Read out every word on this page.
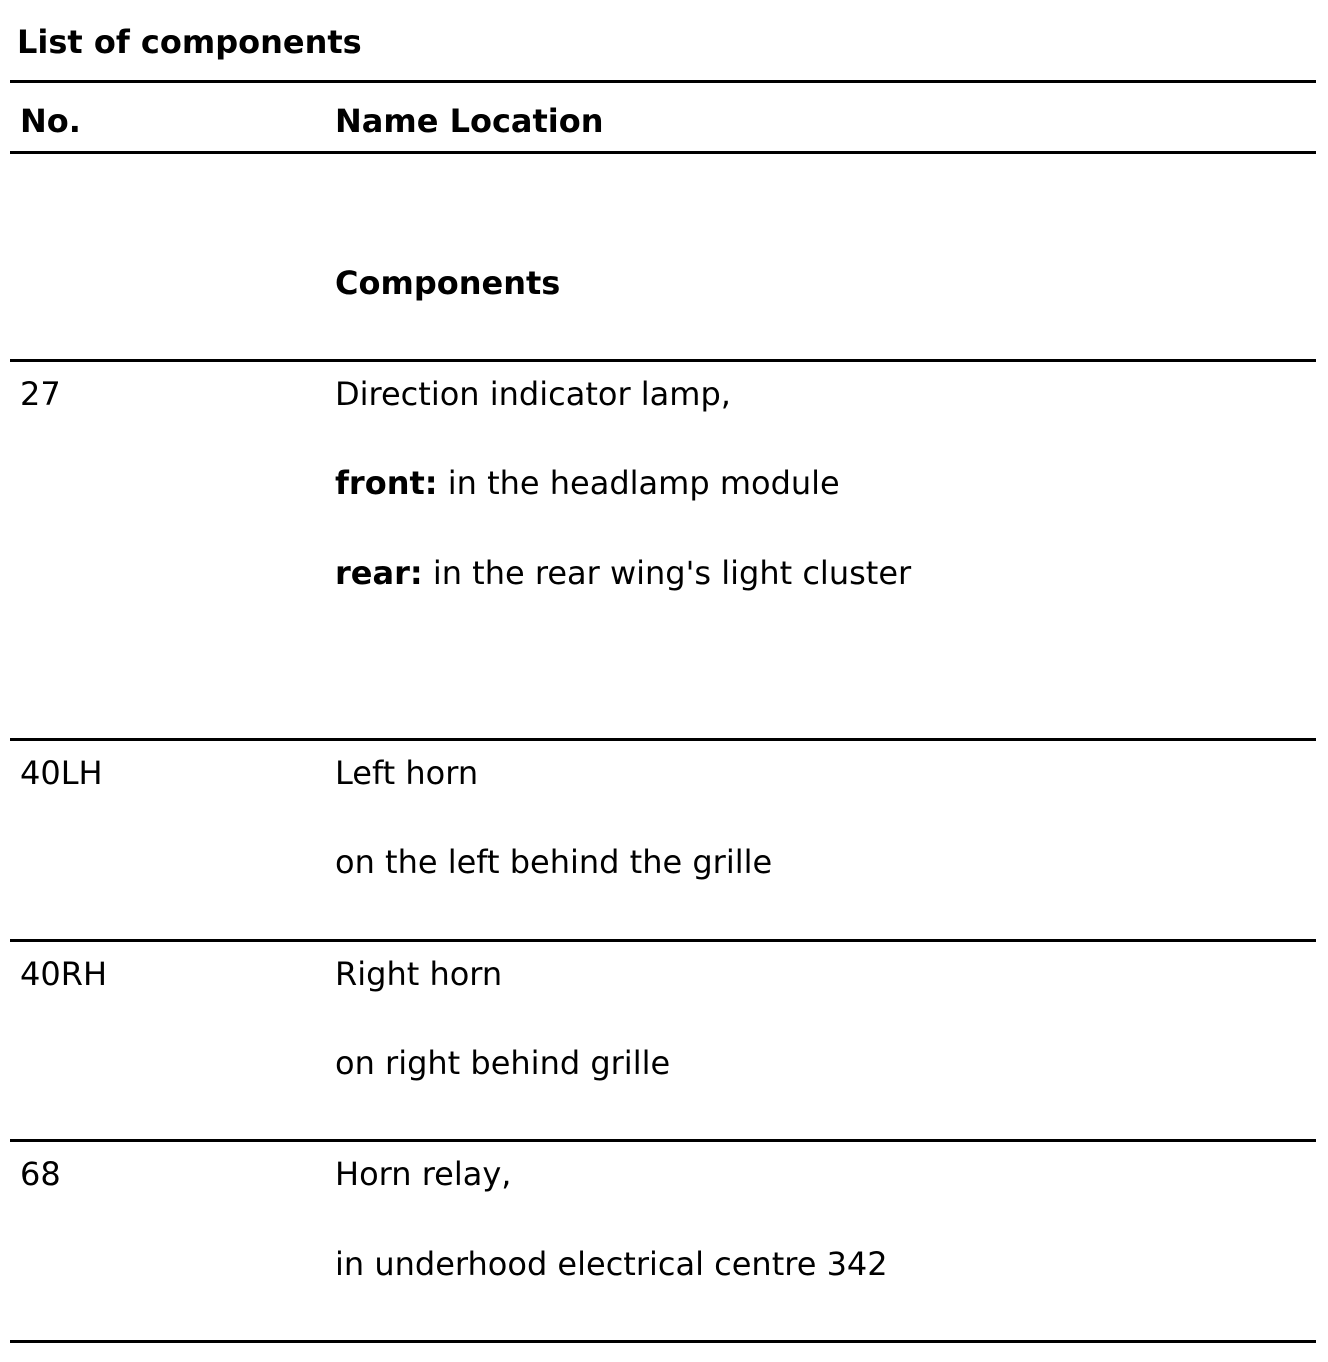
List of components
No.	Name Location
Components
27	Direction indicator lamp,
front: in the headlamp module
rear: in the rear wing's light cluster
40LH	Left horn
on the left behind the grille
40RH	Right horn
on right behind grille
68	Horn relay,
in underhood electrical centre 342
